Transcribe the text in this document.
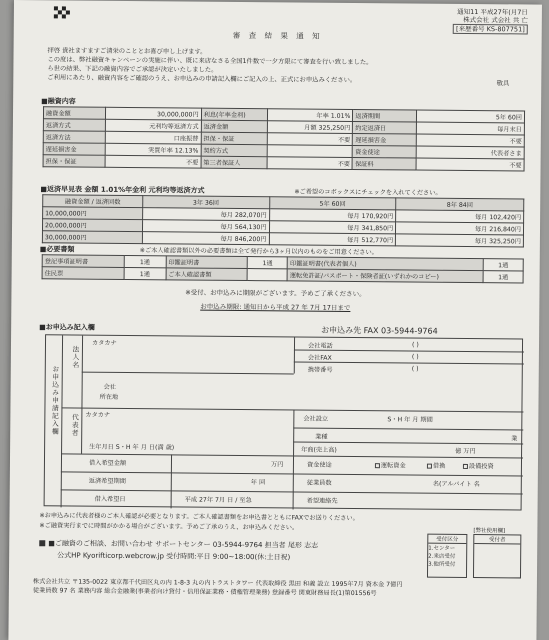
通知11 平成27年(月7日
株式会社 式会社 共 亡
[来歴番号 KS-807751]
審 査 結 果 通 知
拝啓 貴社ますますご清栄のこととお喜び申し上げます。
この度は、弊社融資キャンペーンの実施に伴い、既に来店なさる全国1件数で一夕方限にて審査を行い致しました。
ら世の結果、下記の融資内容でご承認が決定いたしました。
ご利用にあたり、融資内容をご確認のうえ、お申込みの申請記入欄にご記入の上、正式にお申込みください。	敬具
■融資内容
融資金額	30,000,000円	利息(年率金利)	年率 1.01%	返済期間	5年 60回
返済方式	元利均等返済方式	返済金額	月額 325,250円	約定返済日	毎月末日
返済方法	口座振替	担保・保証	不要	遅延損害金	不要
遅延損害金	実質年率 12.13%	契約方式		資金使途	代表者さま
担保・保証	不要	第三者保証人	不要	保証料	不要
■返済早見表 金額 1.01%年金利 元利均等返済方式	※ご希望のコボックスにチェックを入れてください。
融資金額 / 返済回数	3年 36回	5年 60回	8年 84回
10,000,000円	毎月 282,070円	毎月 170,920円	毎月 102,420円
20,000,000円	毎月 564,130円	毎月 341,850円	毎月 216,840円
30,000,000円	毎月 846,200円	毎月 512,770円	毎月 325,250円
■必要書類	※ご本人確認書類以外の必要書類は全て発行から3ヶ月以内のものをご用意ください。
登記事項証明書	1通	印鑑証明書	1通	印鑑証明書(代表者個人)	1通
住民票	1通	ご本人確認書類		運転免許証/パスポート・保険者証(いずれかのコピー)	1通
※受付、お申込みに期限がございます。予めご了承ください。
お申込み期限: 通知日から平成 27 年 7月 17日まで
■お申込み記入欄	お申込み先 FAX 03-5944-9764
お申込み申請記入欄
カタカナ
法人名
会社
所在地
会社電話	( )
会社FAX	( )
携帯番号	( )
カタカナ
代表者
生年月日 S・H 年 月 日(満 歳)
会社設立	S・H 年 月 期間
業種	業
年商(売上高)	億 万円
借入希望金額	万円	資金使途	運転資金	借換	設備投資
返済希望期間	年 回	従業員数	名(アルバイト 名
借入希望日	平成 27年 7月 日 / 至急	希望連絡先
※お申込みに代表者様のご本人確認が必要となります。ご本人確認書類をお申込書とともにFAXでお送りください。
※ご融資実行までに時間がかかる場合がございます。予めご了承のうえ、お申込みください。
■ご融資のご相談、お問い合わせ サポートセンター 03-5944-9764 担当者 尾形 志志
公式HP Kyorifticorp.webcrow.jp 受付時間:平日 9:00~18:00(休:土日祝)
受付区分
1.センター
2.来店受付
3.他所受付
[弊社使用欄]
受付者
株式会社共立 〒135-0022 東京都千代田区丸の内 1-8-3 丸の内トラストタワー 代表取締役 黒田 和義 設立 1995年7月 資本金 7億円
従業員数 97 名 業務内容 総合金融業(事業者向け貸付・信用保証業務・債権管理業務) 登録番号 関東財務局長(1)第01556号
